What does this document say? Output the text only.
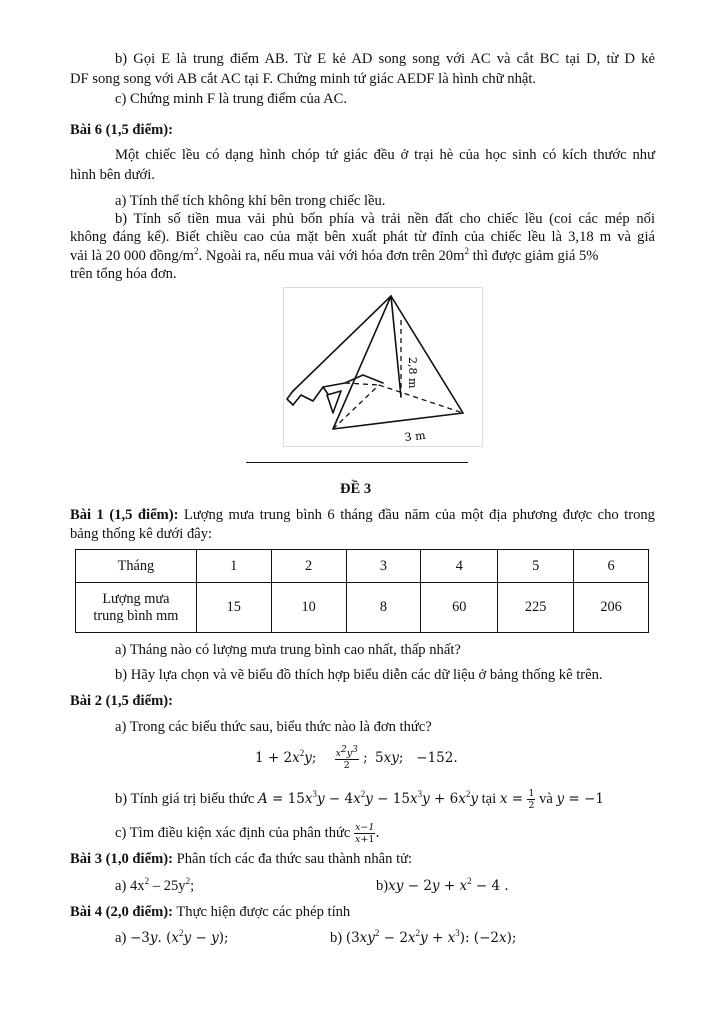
b) Gọi E là trung điểm AB. Từ E kẻ AD song song với AC và cắt BC tại D, từ D kẻ
DF song song với AB cắt AC tại F. Chứng minh tứ giác AEDF là hình chữ nhật.
c) Chứng minh F là trung điểm của AC.
Bài 6 (1,5 điểm):
Một chiếc lều có dạng hình chóp tứ giác đều ở trại hè của học sinh có kích thước như
hình bên dưới.
a) Tính thể tích không khí bên trong chiếc lều.
b) Tính số tiền mua vải phủ bốn phía và trải nền đất cho chiếc lều (coi các mép nối
không đáng kể). Biết chiều cao của mặt bên xuất phát từ đỉnh của chiếc lều là 3,18 m và giá
vải là 20 000 đồng/$m^2$. Ngoài ra, nếu mua vải với hóa đơn trên $20m^2$ thì được giảm giá 5%
trên tổng hóa đơn.
2,8 m
3 m
ĐỀ 3
Bài 1 (1,5 điểm): Lượng mưa trung bình 6 tháng đầu năm của một địa phương được cho trong
bảng thống kê dưới đây:
Tháng	1	2	3	4	5	6
Lượng mưa
trung bình mm	15	10	8	60	225	206
a) Tháng nào có lượng mưa trung bình cao nhất, thấp nhất?
b) Hãy lựa chọn và vẽ biểu đồ thích hợp biểu diễn các dữ liệu ở bảng thống kê trên.
Bài 2 (1,5 điểm):
a) Trong các biểu thức sau, biểu thức nào là đơn thức?
$1 + 2x^2y$; $\frac{x^2y^3}{2}$ ; 5xy;   −152.
b) Tính giá trị biểu thức $A = 15x^3y - 4x^2y - 15x^3y + 6x^2y$ tại $x = \frac{1}{2}$ và y = −1
c) Tìm điều kiện xác định của phân thức $\frac{x-1}{x+1}$ .
Bài 3 (1,0 điểm): Phân tích các đa thức sau thành nhân tử:
a) $4x^2 - 25y^2$;	$b)xy - 2y + x^2 - 4$ .
Bài 4 (2,0 điểm): Thực hiện được các phép tính
a) −3y. $(x^2y - y)$;	b) $(3xy^2 - 2x^2y + x^3)$: (−2x);
